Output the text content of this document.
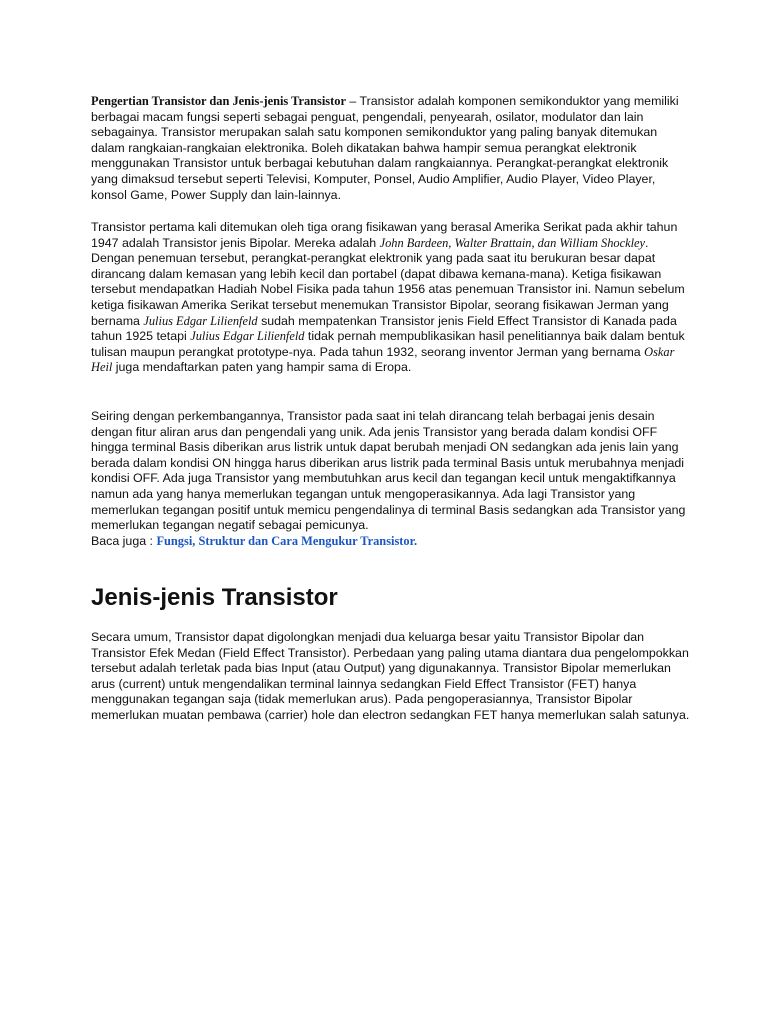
Pengertian Transistor dan Jenis-jenis Transistor – Transistor adalah komponen semikonduktor yang memiliki berbagai macam fungsi seperti sebagai penguat, pengendali, penyearah, osilator, modulator dan lain sebagainya. Transistor merupakan salah satu komponen semikonduktor yang paling banyak ditemukan dalam rangkaian-rangkaian elektronika. Boleh dikatakan bahwa hampir semua perangkat elektronik menggunakan Transistor untuk berbagai kebutuhan dalam rangkaiannya. Perangkat-perangkat elektronik yang dimaksud tersebut seperti Televisi, Komputer, Ponsel, Audio Amplifier, Audio Player, Video Player, konsol Game, Power Supply dan lain-lainnya.

Transistor pertama kali ditemukan oleh tiga orang fisikawan yang berasal Amerika Serikat pada akhir tahun 1947 adalah Transistor jenis Bipolar. Mereka adalah John Bardeen, Walter Brattain, dan William Shockley. Dengan penemuan tersebut, perangkat-perangkat elektronik yang pada saat itu berukuran besar dapat dirancang dalam kemasan yang lebih kecil dan portabel (dapat dibawa kemana-mana). Ketiga fisikawan tersebut mendapatkan Hadiah Nobel Fisika pada tahun 1956 atas penemuan Transistor ini. Namun sebelum ketiga fisikawan Amerika Serikat tersebut menemukan Transistor Bipolar, seorang fisikawan Jerman yang bernama Julius Edgar Lilienfeld sudah mempatenkan Transistor jenis Field Effect Transistor di Kanada pada tahun 1925 tetapi Julius Edgar Lilienfeld tidak pernah mempublikasikan hasil penelitiannya baik dalam bentuk tulisan maupun perangkat prototype-nya. Pada tahun 1932, seorang inventor Jerman yang bernama Oskar Heil juga mendaftarkan paten yang hampir sama di Eropa.

Seiring dengan perkembangannya, Transistor pada saat ini telah dirancang telah berbagai jenis desain dengan fitur aliran arus dan pengendali yang unik. Ada jenis Transistor yang berada dalam kondisi OFF hingga terminal Basis diberikan arus listrik untuk dapat berubah menjadi ON sedangkan ada jenis lain yang berada dalam kondisi ON hingga harus diberikan arus listrik pada terminal Basis untuk merubahnya menjadi kondisi OFF. Ada juga Transistor yang membutuhkan arus kecil dan tegangan kecil untuk mengaktifkannya namun ada yang hanya memerlukan tegangan untuk mengoperasikannya. Ada lagi Transistor yang memerlukan tegangan positif untuk memicu pengendalinya di terminal Basis sedangkan ada Transistor yang memerlukan tegangan negatif sebagai pemicunya.
Baca juga : Fungsi, Struktur dan Cara Mengukur Transistor.

Jenis-jenis Transistor

Secara umum, Transistor dapat digolongkan menjadi dua keluarga besar yaitu Transistor Bipolar dan Transistor Efek Medan (Field Effect Transistor). Perbedaan yang paling utama diantara dua pengelompokkan tersebut adalah terletak pada bias Input (atau Output) yang digunakannya. Transistor Bipolar memerlukan arus (current) untuk mengendalikan terminal lainnya sedangkan Field Effect Transistor (FET) hanya menggunakan tegangan saja (tidak memerlukan arus). Pada pengoperasiannya, Transistor Bipolar memerlukan muatan pembawa (carrier) hole dan electron sedangkan FET hanya memerlukan salah satunya.
